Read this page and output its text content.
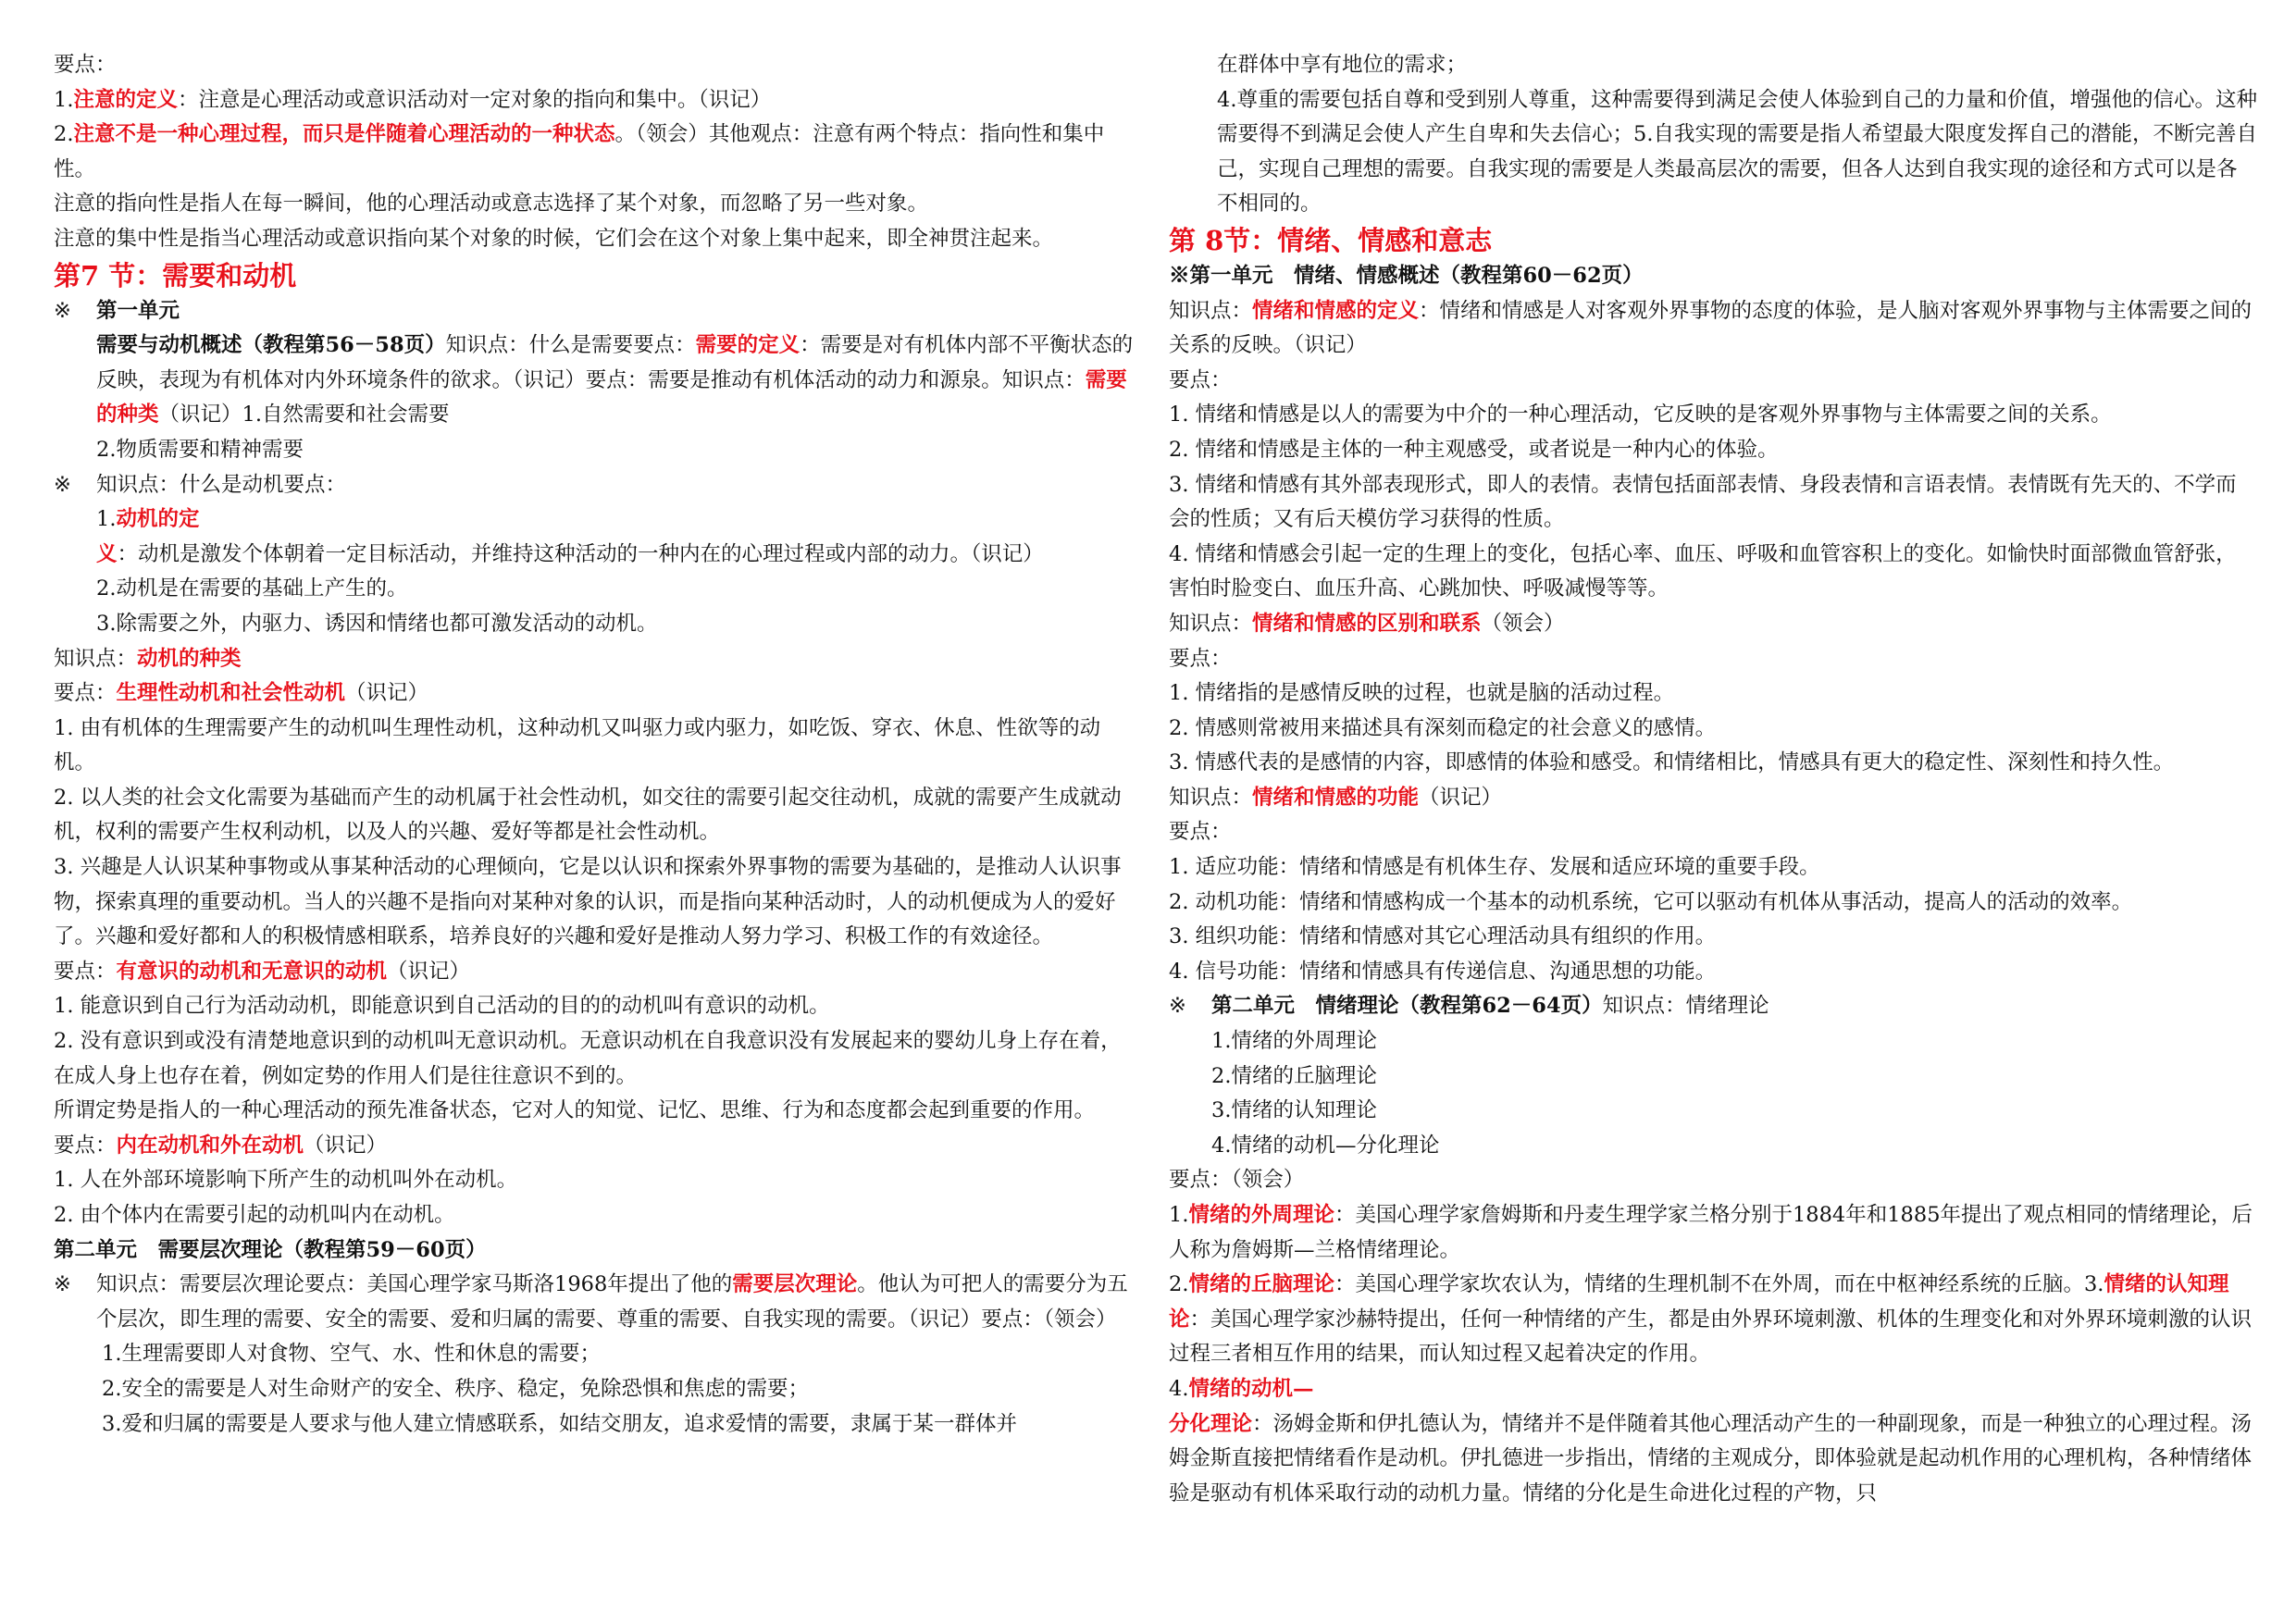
要点：

1.注意的定义：注意是心理活动或意识活动对一定对象的指向和集中。（识记）

2.注意不是一种心理过程，而只是伴随着心理活动的一种状态。（领会）其他观点：注意有两个特点：指向性和集中性。

注意的指向性是指人在每一瞬间，他的心理活动或意志选择了某个对象，而忽略了另一些对象。

注意的集中性是指当心理活动或意识指向某个对象的时候，它们会在这个对象上集中起来，即全神贯注起来。

第7 节：需要和动机

※ 第一单元

需要与动机概述（教程第56－58页）知识点：什么是需要要点：需要的定义：需要是对有机体内部不平衡状态的反映，表现为有机体对内外环境条件的欲求。（识记）要点：需要是推动有机体活动的动力和源泉。知识点：需要的种类（识记）1.自然需要和社会需要

2.物质需要和精神需要

※ 知识点：什么是动机要点：

1.动机的定义：动机是激发个体朝着一定目标活动，并维持这种活动的一种内在的心理过程或内部的动力。（识记）

2.动机是在需要的基础上产生的。

3.除需要之外，内驱力、诱因和情绪也都可激发活动的动机。

知识点：动机的种类

要点：生理性动机和社会性动机（识记）

1. 由有机体的生理需要产生的动机叫生理性动机，这种动机又叫驱力或内驱力，如吃饭、穿衣、休息、性欲等的动机。

2. 以人类的社会文化需要为基础而产生的动机属于社会性动机，如交往的需要引起交往动机，成就的需要产生成就动机，权利的需要产生权利动机，以及人的兴趣、爱好等都是社会性动机。

3. 兴趣是人认识某种事物或从事某种活动的心理倾向，它是以认识和探索外界事物的需要为基础的，是推动人认识事物，探索真理的重要动机。当人的兴趣不是指向对某种对象的认识，而是指向某种活动时，人的动机便成为人的爱好了。兴趣和爱好都和人的积极情感相联系，培养良好的兴趣和爱好是推动人努力学习、积极工作的有效途径。

要点：有意识的动机和无意识的动机（识记）

1. 能意识到自己行为活动动机，即能意识到自己活动的目的的动机叫有意识的动机。

2. 没有意识到或没有清楚地意识到的动机叫无意识动机。无意识动机在自我意识没有发展起来的婴幼儿身上存在着，在成人身上也存在着，例如定势的作用人们是往往意识不到的。

所谓定势是指人的一种心理活动的预先准备状态，它对人的知觉、记忆、思维、行为和态度都会起到重要的作用。

要点：内在动机和外在动机（识记）

1. 人在外部环境影响下所产生的动机叫外在动机。

2. 由个体内在需要引起的动机叫内在动机。

第二单元　需要层次理论（教程第59－60页）

※ 知识点：需要层次理论要点：美国心理学家马斯洛1968年提出了他的需要层次理论。他认为可把人的需要分为五个层次，即生理的需要、安全的需要、爱和归属的需要、尊重的需要、自我实现的需要。（识记）要点：（领会）

1.生理需要即人对食物、空气、水、性和休息的需要；

2.安全的需要是人对生命财产的安全、秩序、稳定，免除恐惧和焦虑的需要；

3.爱和归属的需要是人要求与他人建立情感联系，如结交朋友，追求爱情的需要，隶属于某一群体并

在群体中享有地位的需求；

4.尊重的需要包括自尊和受到别人尊重，这种需要得到满足会使人体验到自己的力量和价值，增强他的信心。这种需要得不到满足会使人产生自卑和失去信心；5.自我实现的需要是指人希望最大限度发挥自己的潜能，不断完善自己，实现自己理想的需要。自我实现的需要是人类最高层次的需要，但各人达到自我实现的途径和方式可以是各不相同的。

第 8节：情绪、情感和意志

※第一单元　情绪、情感概述（教程第60－62页）

知识点：情绪和情感的定义：情绪和情感是人对客观外界事物的态度的体验，是人脑对客观外界事物与主体需要之间的关系的反映。（识记）

要点：

1. 情绪和情感是以人的需要为中介的一种心理活动，它反映的是客观外界事物与主体需要之间的关系。

2. 情绪和情感是主体的一种主观感受，或者说是一种内心的体验。

3. 情绪和情感有其外部表现形式，即人的表情。表情包括面部表情、身段表情和言语表情。表情既有先天的、不学而会的性质；又有后天模仿学习获得的性质。

4. 情绪和情感会引起一定的生理上的变化，包括心率、血压、呼吸和血管容积上的变化。如愉快时面部微血管舒张，害怕时脸变白、血压升高、心跳加快、呼吸减慢等等。

知识点：情绪和情感的区别和联系（领会）

要点：

1. 情绪指的是感情反映的过程，也就是脑的活动过程。

2. 情感则常被用来描述具有深刻而稳定的社会意义的感情。

3. 情感代表的是感情的内容，即感情的体验和感受。和情绪相比，情感具有更大的稳定性、深刻性和持久性。

知识点：情绪和情感的功能（识记）

要点：

1. 适应功能：情绪和情感是有机体生存、发展和适应环境的重要手段。

2. 动机功能：情绪和情感构成一个基本的动机系统，它可以驱动有机体从事活动，提高人的活动的效率。

3. 组织功能：情绪和情感对其它心理活动具有组织的作用。

4. 信号功能：情绪和情感具有传递信息、沟通思想的功能。

※ 第二单元　情绪理论（教程第62－64页）知识点：情绪理论

1.情绪的外周理论

2.情绪的丘脑理论

3.情绪的认知理论

4.情绪的动机—分化理论

要点：（领会）

1.情绪的外周理论：美国心理学家詹姆斯和丹麦生理学家兰格分别于1884年和1885年提出了观点相同的情绪理论，后人称为詹姆斯—兰格情绪理论。

2.情绪的丘脑理论：美国心理学家坎农认为，情绪的生理机制不在外周，而在中枢神经系统的丘脑。3.情绪的认知理论：美国心理学家沙赫特提出，任何一种情绪的产生，都是由外界环境刺激、机体的生理变化和对外界环境刺激的认识过程三者相互作用的结果，而认知过程又起着决定的作用。

4.情绪的动机—

分化理论：汤姆金斯和伊扎德认为，情绪并不是伴随着其他心理活动产生的一种副现象，而是一种独立的心理过程。汤姆金斯直接把情绪看作是动机。伊扎德进一步指出，情绪的主观成分，即体验就是起动机作用的心理机构，各种情绪体验是驱动有机体采取行动的动机力量。情绪的分化是生命进化过程的产物，只
